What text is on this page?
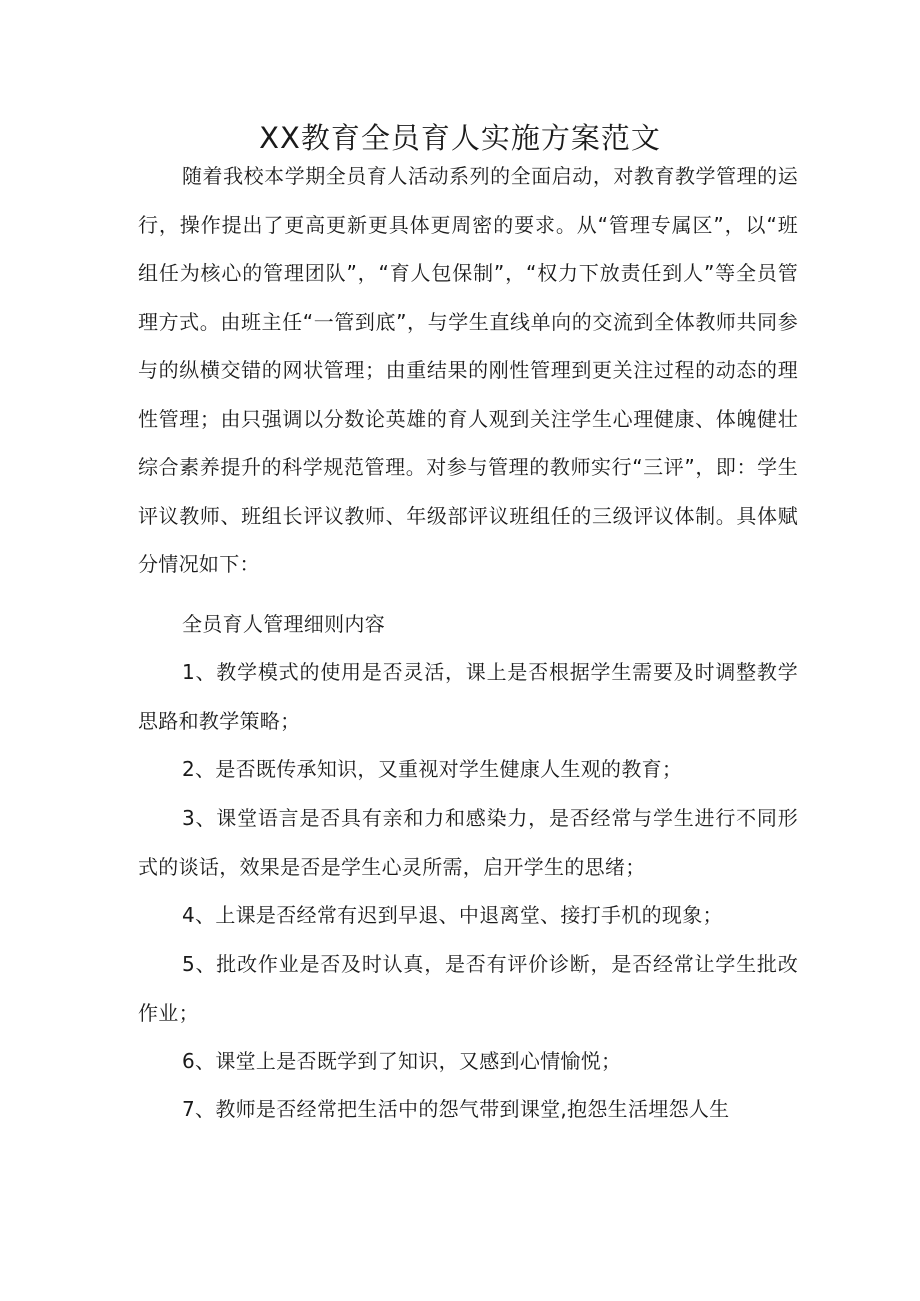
XX教育全员育人实施方案范文
随着我校本学期全员育人活动系列的全面启动，对教育教学管理的运行，操作提出了更高更新更具体更周密的要求。从“管理专属区”，以“班组任为核心的管理团队”，“育人包保制”，“权力下放责任到人”等全员管理方式。由班主任“一管到底”，与学生直线单向的交流到全体教师共同参与的纵横交错的网状管理；由重结果的刚性管理到更关注过程的动态的理性管理；由只强调以分数论英雄的育人观到关注学生心理健康、体魄健壮综合素养提升的科学规范管理。对参与管理的教师实行“三评”，即：学生评议教师、班组长评议教师、年级部评议班组任的三级评议体制。具体赋分情况如下：
全员育人管理细则内容
1、教学模式的使用是否灵活，课上是否根据学生需要及时调整教学思路和教学策略；
2、是否既传承知识，又重视对学生健康人生观的教育；
3、课堂语言是否具有亲和力和感染力，是否经常与学生进行不同形式的谈话，效果是否是学生心灵所需，启开学生的思绪；
4、上课是否经常有迟到早退、中退离堂、接打手机的现象；
5、批改作业是否及时认真，是否有评价诊断，是否经常让学生批改作业；
6、课堂上是否既学到了知识，又感到心情愉悦；
7、教师是否经常把生活中的怨气带到课堂,抱怨生活埋怨人生
